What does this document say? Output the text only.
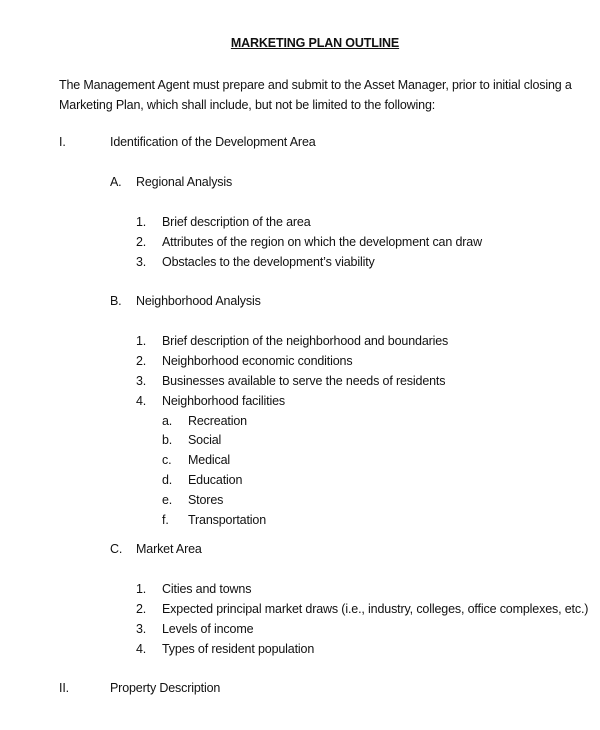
MARKETING PLAN OUTLINE
The Management Agent must prepare and submit to the Asset Manager, prior to initial closing a
Marketing Plan, which shall include, but not be limited to the following:
I.	Identification of the Development Area
A. Regional Analysis
1. Brief description of the area
2. Attributes of the region on which the development can draw
3. Obstacles to the development’s viability
B. Neighborhood Analysis
1. Brief description of the neighborhood and boundaries
2. Neighborhood economic conditions
3. Businesses available to serve the needs of residents
4. Neighborhood facilities
a. Recreation
b. Social
c. Medical
d. Education
e. Stores
f. Transportation
C. Market Area
1. Cities and towns
2. Expected principal market draws (i.e., industry, colleges, office complexes, etc.)
3. Levels of income
4. Types of resident population
II.	Property Description
